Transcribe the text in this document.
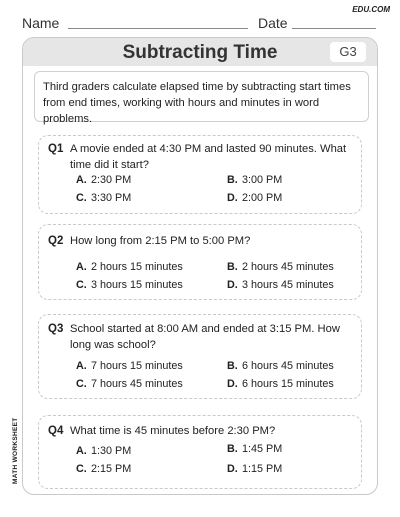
EDU.COM
Name	Date
Subtracting Time	G3
Third graders calculate elapsed time by subtracting start times from end times, working with hours and minutes in word problems.
Q1 A movie ended at 4:30 PM and lasted 90 minutes. What time did it start?
A. 2:30 PM	B. 3:00 PM
C. 3:30 PM	D. 2:00 PM
Q2 How long from 2:15 PM to 5:00 PM?
A. 2 hours 15 minutes	B. 2 hours 45 minutes
C. 3 hours 15 minutes	D. 3 hours 45 minutes
Q3 School started at 8:00 AM and ended at 3:15 PM. How long was school?
A. 7 hours 15 minutes	B. 6 hours 45 minutes
C. 7 hours 45 minutes	D. 6 hours 15 minutes
Q4 What time is 45 minutes before 2:30 PM?
A. 1:30 PM	B. 1:45 PM
C. 2:15 PM	D. 1:15 PM
MATH WORKSHEET
